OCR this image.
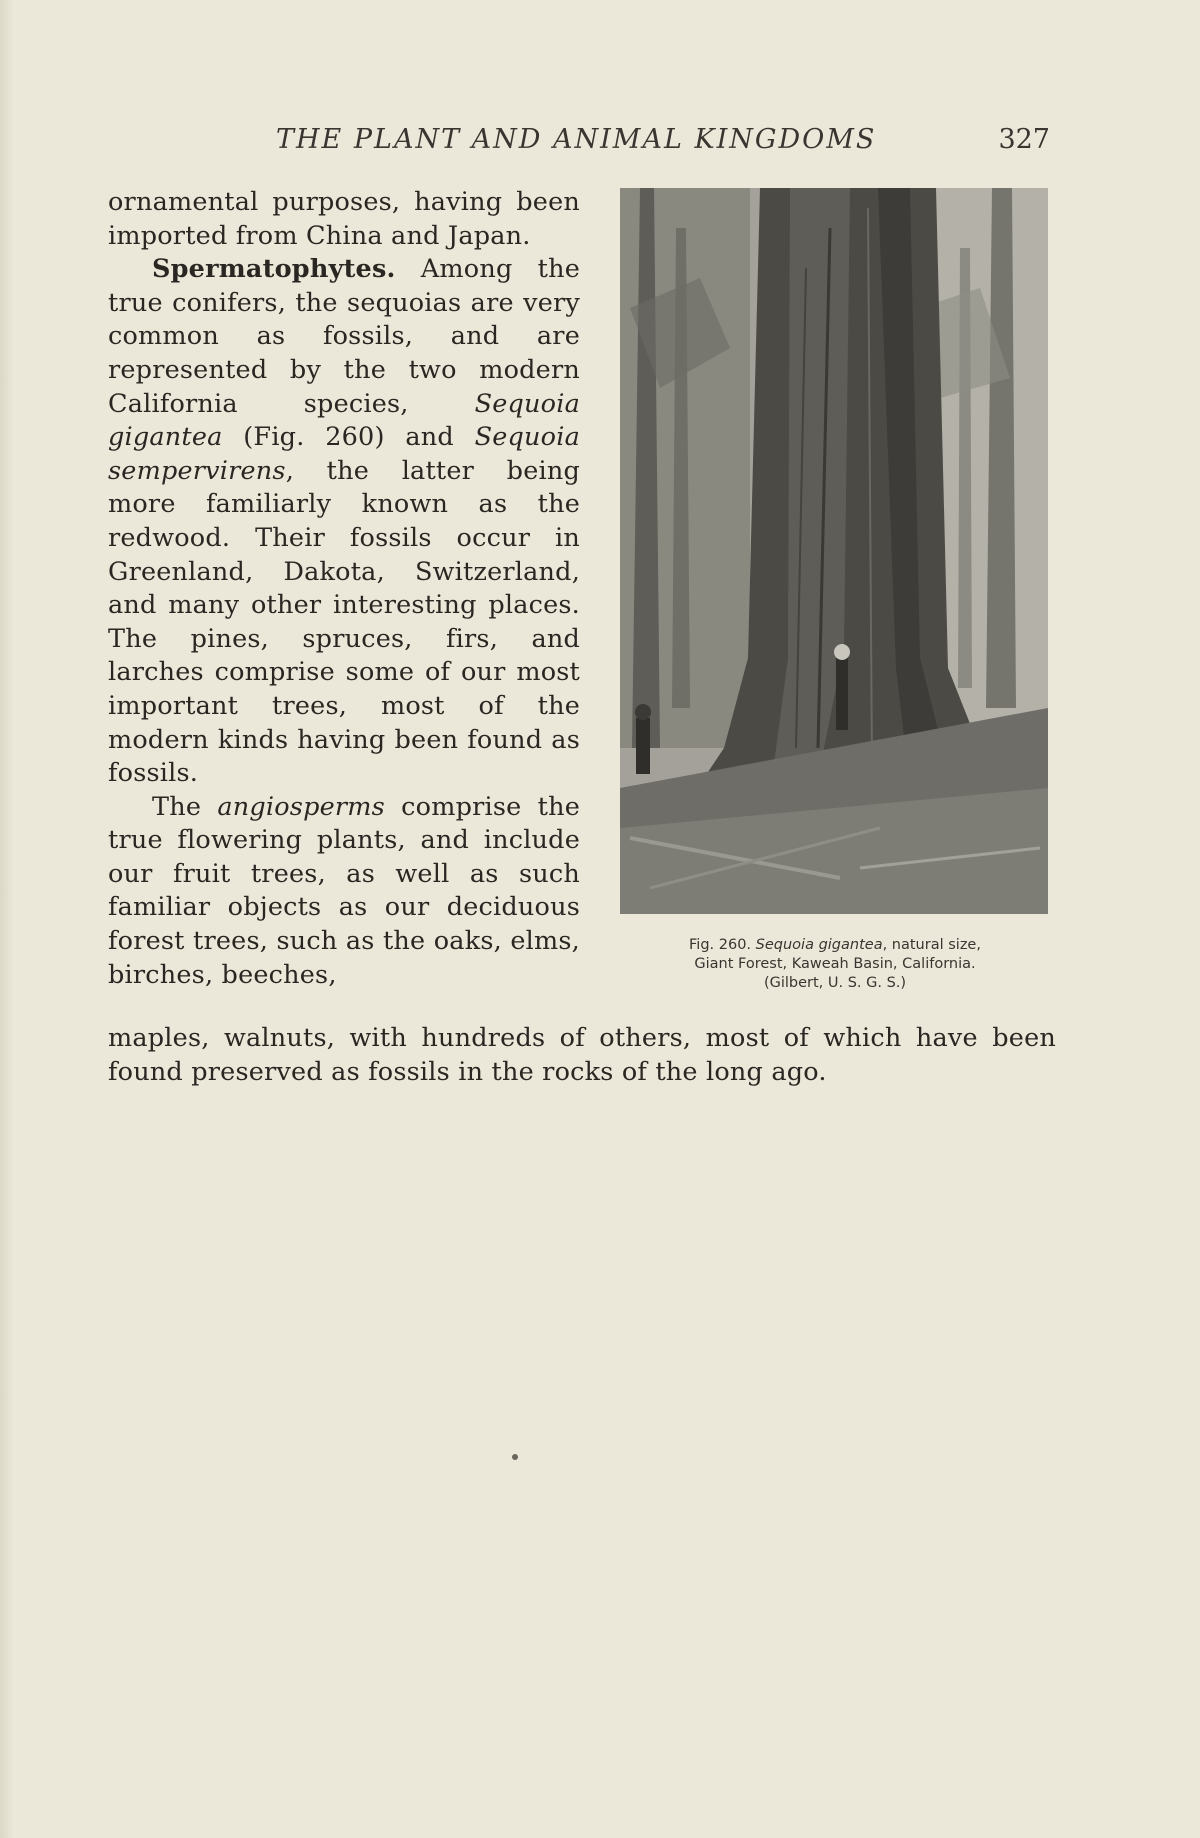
THE PLANT AND ANIMAL KINGDOMS	327

ornamental purposes, having been imported from China and Japan.

Spermatophytes. Among the true conifers, the sequoias are very common as fossils, and are represented by the two modern California species, Sequoia gigantea (Fig. 260) and Sequoia sempervirens, the latter being more familiarly known as the redwood. Their fossils occur in Greenland, Dakota, Switzerland, and many other interesting places. The pines, spruces, firs, and larches comprise some of our most important trees, most of the modern kinds having been found as fossils.

The angiosperms comprise the true flowering plants, and include our fruit trees, as well as such familiar objects as our deciduous forest trees, such as the oaks, elms, birches, beeches,

Fig. 260. Sequoia gigantea, natural size,
Giant Forest, Kaweah Basin, California.
(Gilbert, U. S. G. S.)

maples, walnuts, with hundreds of others, most of which have been found preserved as fossils in the rocks of the long ago.
